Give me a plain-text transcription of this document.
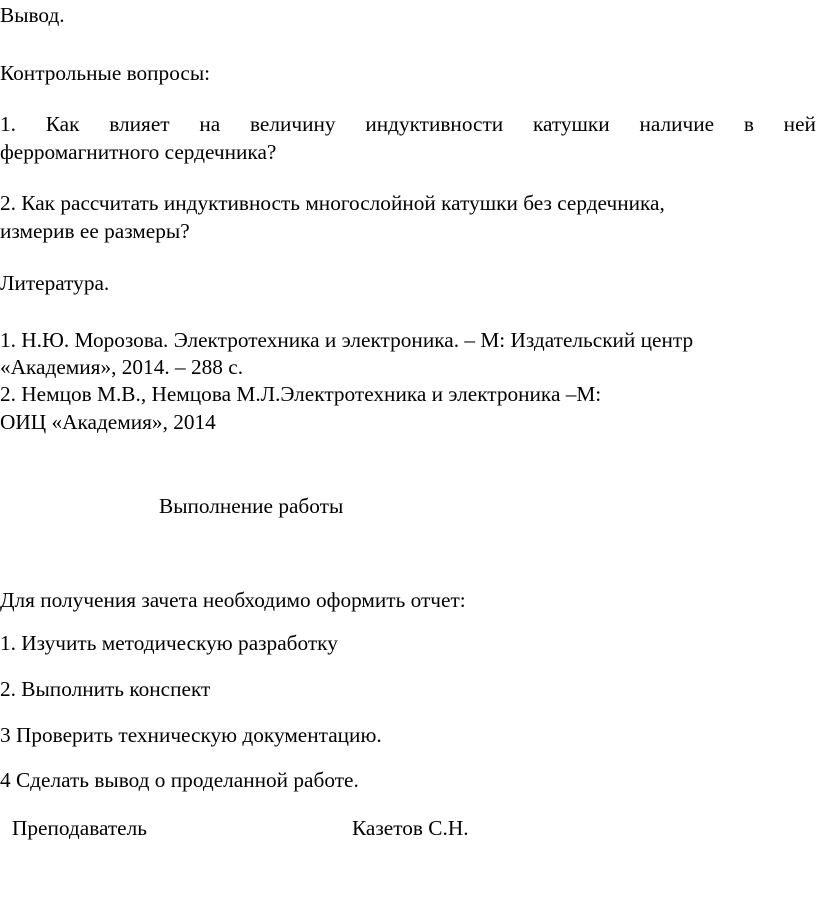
Вывод.
Контрольные вопросы:
1. Как влияет на величину индуктивности катушки наличие в ней
ферромагнитного сердечника?
2. Как рассчитать индуктивность многослойной катушки без сердечника,
измерив ее размеры?
Литература.
1. Н.Ю. Морозова. Электротехника и электроника. – М: Издательский центр
«Академия», 2014. – 288 с.
2. Немцов М.В., Немцова М.Л.Электротехника и электроника –М:
ОИЦ «Академия», 2014
Выполнение работы
Для получения зачета необходимо оформить отчет:
1. Изучить методическую разработку
2. Выполнить конспект
3 Проверить техническую документацию.
4 Сделать вывод о проделанной работе.
Преподаватель	Казетов С.Н.
